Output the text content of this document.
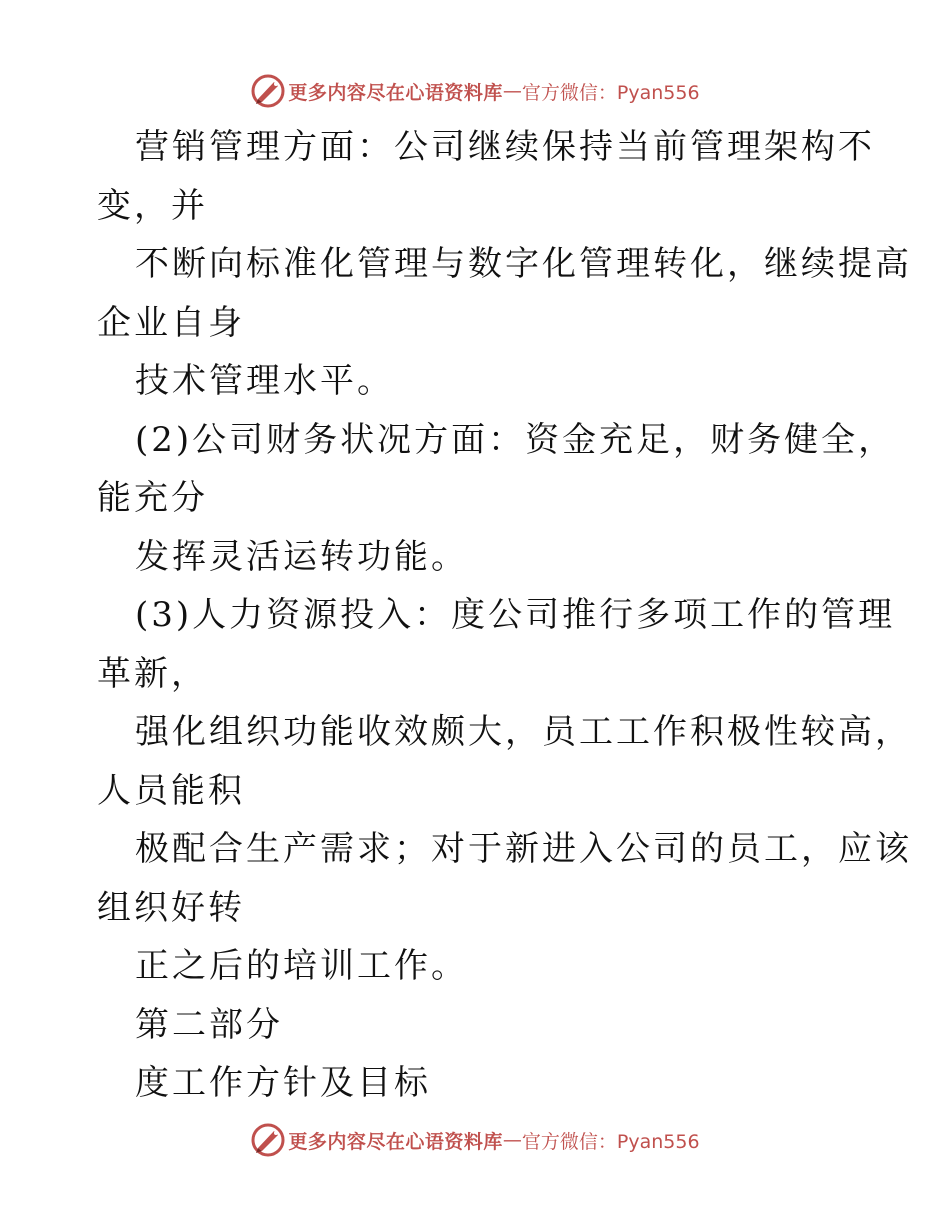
更多内容尽在心语资料库 — 官方微信：Pyan556
营销管理方面：公司继续保持当前管理架构不
变，并
不断向标准化管理与数字化管理转化，继续提高
企业自身
技术管理水平。
(2)公司财务状况方面：资金充足，财务健全，
能充分
发挥灵活运转功能。
(3)人力资源投入：度公司推行多项工作的管理
革新，
强化组织功能收效颇大，员工工作积极性较高，
人员能积
极配合生产需求；对于新进入公司的员工，应该
组织好转
正之后的培训工作。
第二部分
度工作方针及目标
更多内容尽在心语资料库 — 官方微信：Pyan556
